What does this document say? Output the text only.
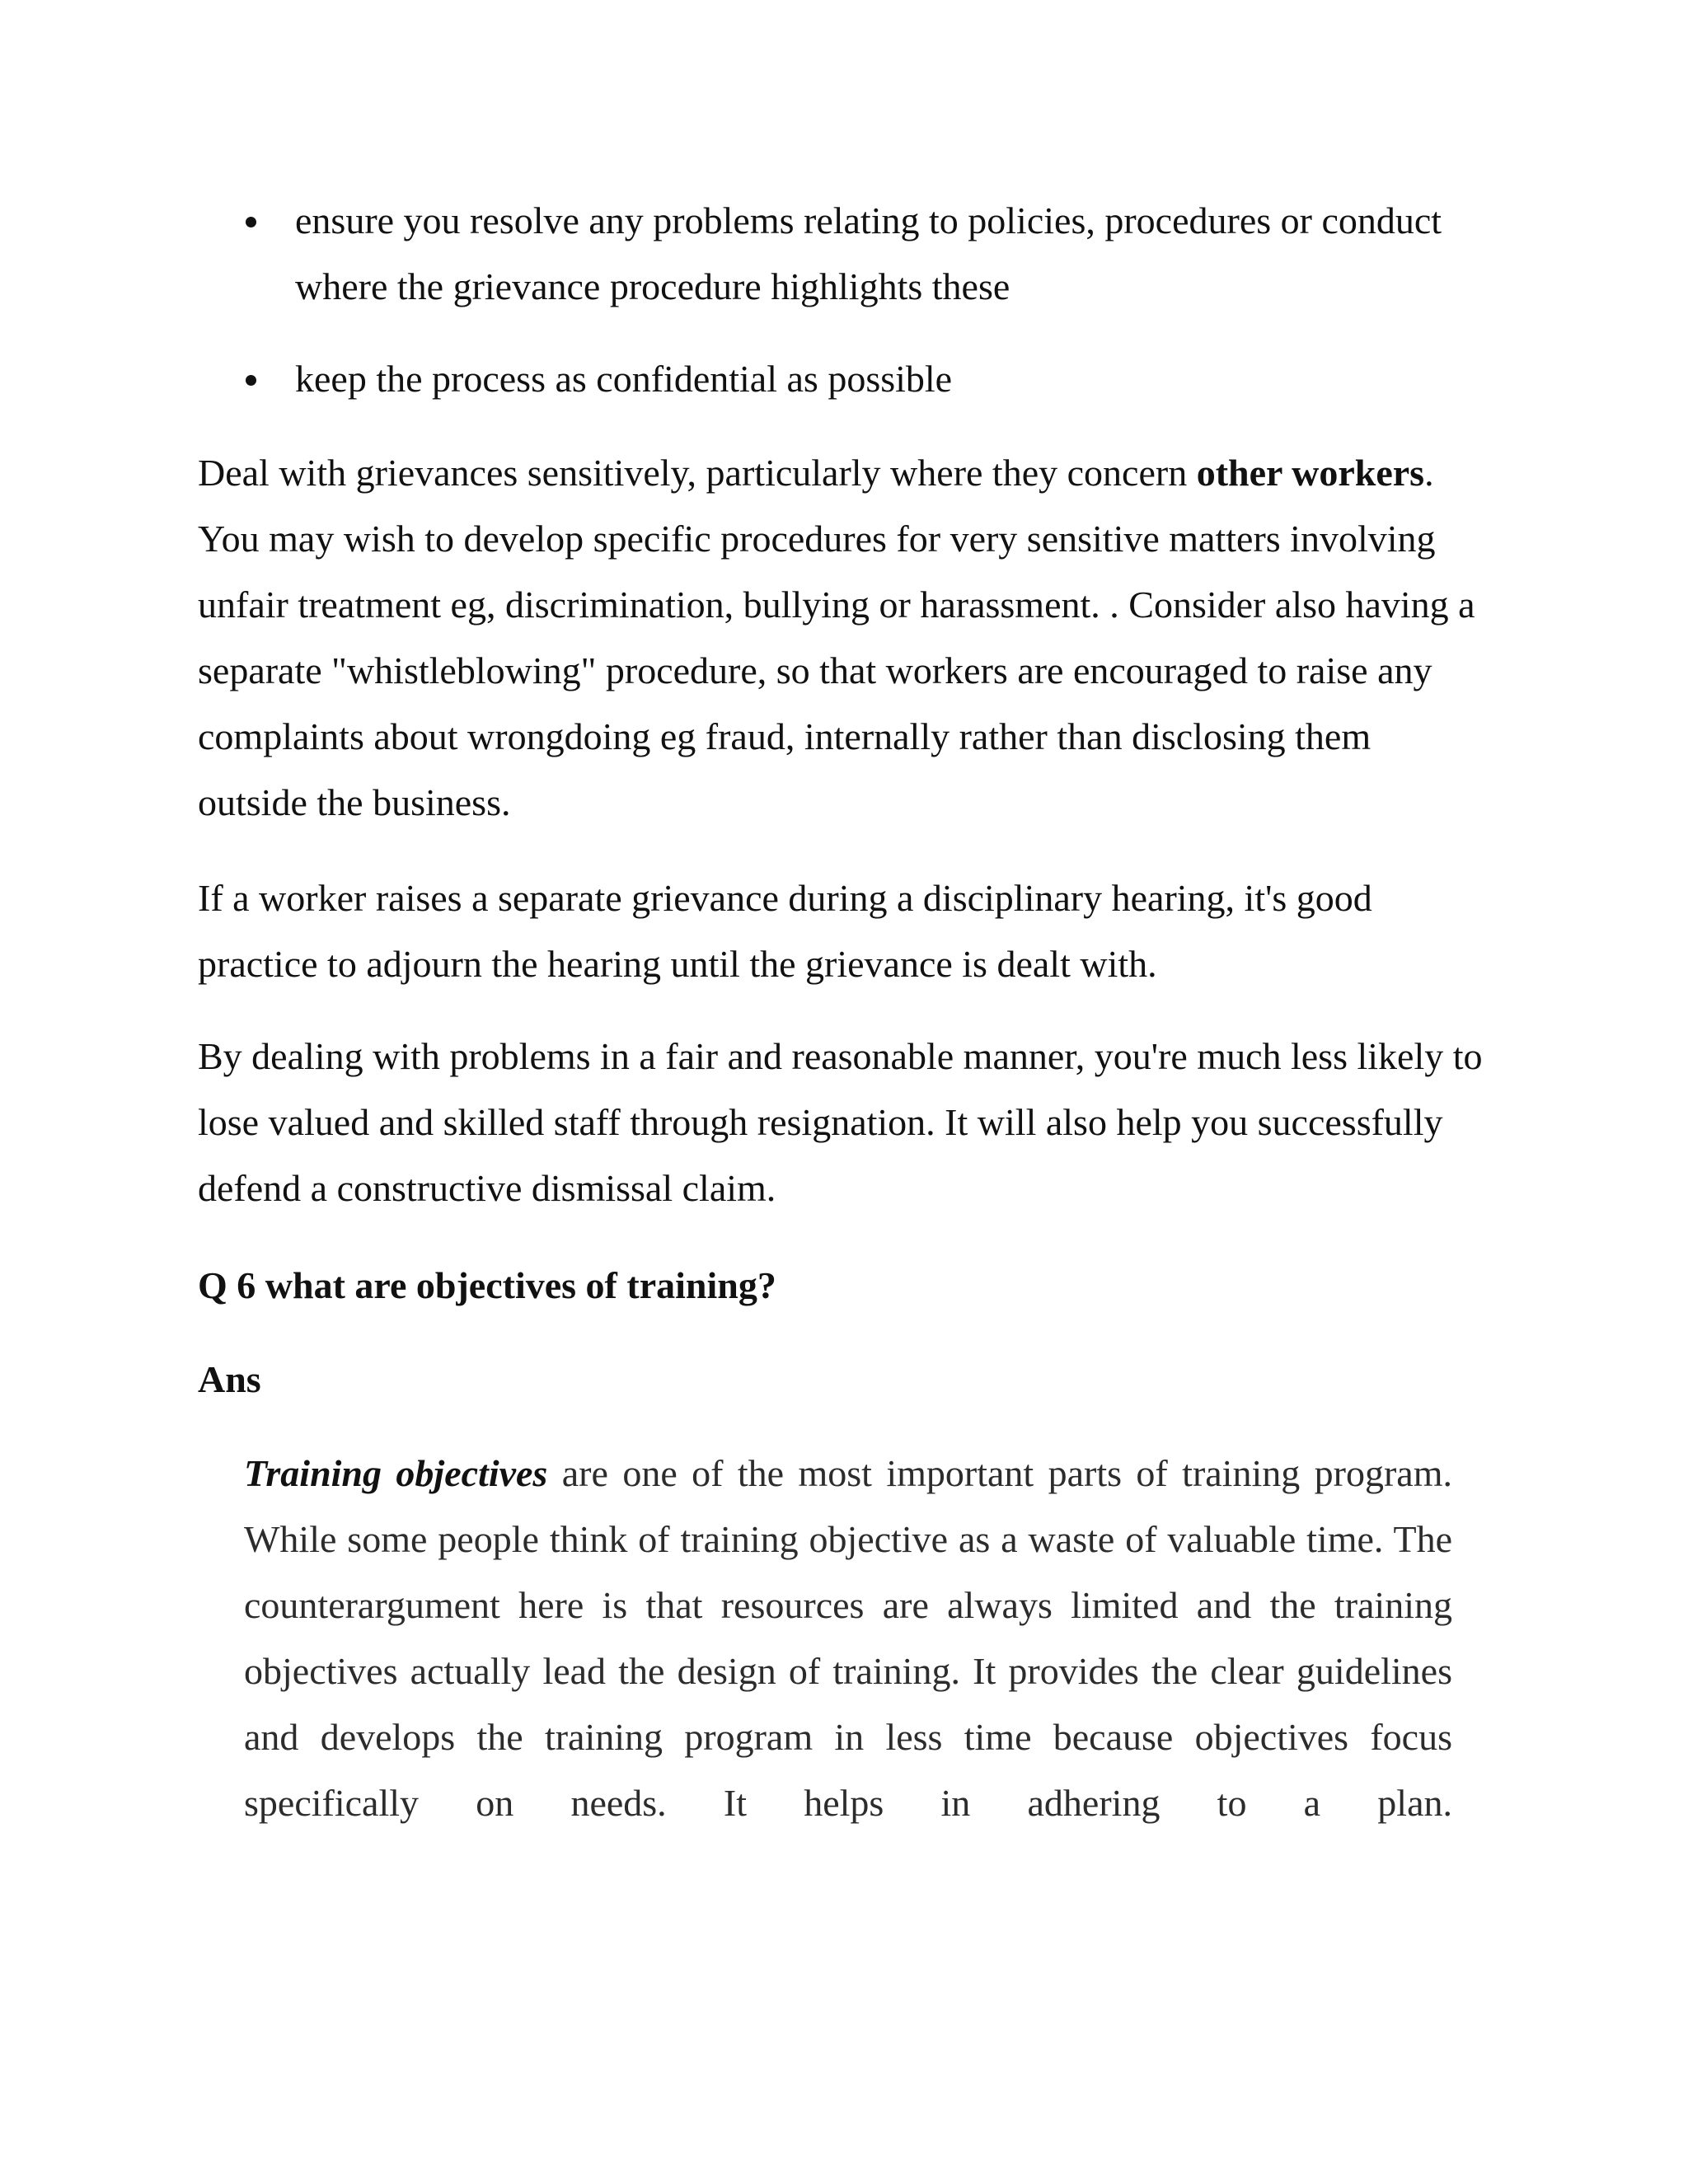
ensure you resolve any problems relating to policies, procedures or conduct where the grievance procedure highlights these
keep the process as confidential as possible

Deal with grievances sensitively, particularly where they concern other workers. You may wish to develop specific procedures for very sensitive matters involving unfair treatment eg, discrimination, bullying or harassment. . Consider also having a separate "whistleblowing" procedure, so that workers are encouraged to raise any complaints about wrongdoing eg fraud, internally rather than disclosing them outside the business.

If a worker raises a separate grievance during a disciplinary hearing, it's good practice to adjourn the hearing until the grievance is dealt with.

By dealing with problems in a fair and reasonable manner, you're much less likely to lose valued and skilled staff through resignation. It will also help you successfully defend a constructive dismissal claim.

Q 6 what are objectives of training?

Ans

Training objectives are one of the most important parts of training program. While some people think of training objective as a waste of valuable time. The counterargument here is that resources are always limited and the training objectives actually lead the design of training. It provides the clear guidelines and develops the training program in less time because objectives focus specifically on needs. It helps in adhering to a plan.
